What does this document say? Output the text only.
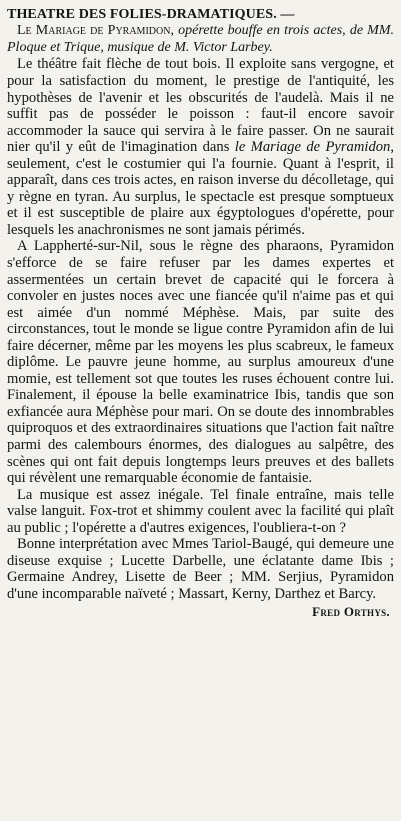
THEATRE DES FOLIES-DRAMATIQUES. —

Le Mariage de Pyramidon, opérette bouffe en trois actes, de MM. Ploque et Trique, musique de M. Victor Larbey.

Le théâtre fait flèche de tout bois. Il exploite sans vergogne, et pour la satisfaction du moment, le prestige de l'antiquité, les hypothèses de l'avenir et les obscurités de l'audelà. Mais il ne suffit pas de posséder le poisson : faut-il encore savoir accommoder la sauce qui servira à le faire passer. On ne saurait nier qu'il y eût de l'imagination dans le Mariage de Pyramidon, seulement, c'est le costumier qui l'a fournie. Quant à l'esprit, il apparaît, dans ces trois actes, en raison inverse du décolletage, qui y règne en tyran. Au surplus, le spectacle est presque somptueux et il est susceptible de plaire aux égyptologues d'opérette, pour lesquels les anachronismes ne sont jamais périmés.

A Lappherté-sur-Nil, sous le règne des pharaons, Pyramidon s'efforce de se faire refuser par les dames expertes et assermentées un certain brevet de capacité qui le forcera à convoler en justes noces avec une fiancée qu'il n'aime pas et qui est aimée d'un nommé Méphèse. Mais, par suite des circonstances, tout le monde se ligue contre Pyramidon afin de lui faire décerner, même par les moyens les plus scabreux, le fameux diplôme. Le pauvre jeune homme, au surplus amoureux d'une momie, est tellement sot que toutes les ruses échouent contre lui. Finalement, il épouse la belle examinatrice Ibis, tandis que son exfiancée aura Méphèse pour mari. On se doute des innombrables quiproquos et des extraordinaires situations que l'action fait naître parmi des calembours énormes, des dialogues au salpêtre, des scènes qui ont fait depuis longtemps leurs preuves et des ballets qui révèlent une remarquable économie de fantaisie.

La musique est assez inégale. Tel finale entraîne, mais telle valse languit. Fox-trot et shimmy coulent avec la facilité qui plaît au public ; l'opérette a d'autres exigences, l'oubliera-t-on ?

Bonne interprétation avec Mmes Tariol-Baugé, qui demeure une diseuse exquise ; Lucette Darbelle, une éclatante dame Ibis ; Germaine Andrey, Lisette de Beer ; MM. Serjius, Pyramidon d'une incomparable naïveté ; Massart, Kerny, Darthez et Barcy.

Fred Orthys.
